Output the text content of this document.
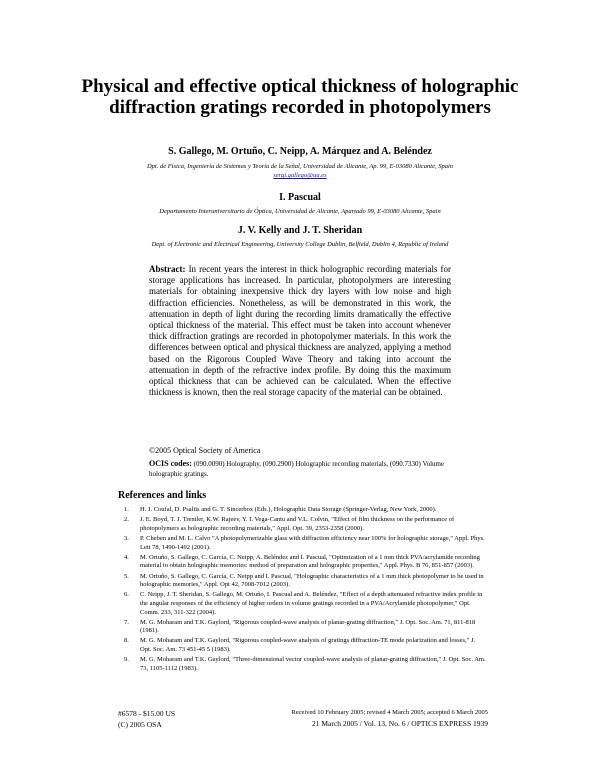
Physical and effective optical thickness of holographic diffraction gratings recorded in photopolymers
S. Gallego, M. Ortuño, C. Neipp, A. Márquez and A. Beléndez
Dpt. de Física, Ingeniería de Sistemas y Teoría de la Señal, Universidad de Alicante, Ap. 99, E-03080 Alicante, Spain
sergi.gallego@ua.es
I. Pascual
Departamento Interuniversitario de Óptica, Universidad de Alicante, Apartado 99, E-03080 Alicante, Spain
J. V. Kelly and J. T. Sheridan
Dept. of Electronic and Electrical Engineering, University College Dublin, Belfield, Dublin 4, Republic of Ireland
Abstract: In recent years the interest in thick holographic recording materials for storage applications has increased. In particular, photopolymers are interesting materials for obtaining inexpensive thick dry layers with low noise and high diffraction efficiencies. Nonetheless, as will be demonstrated in this work, the attenuation in depth of light during the recording limits dramatically the effective optical thickness of the material. This effect must be taken into account whenever thick diffraction gratings are recorded in photopolymer materials. In this work the differences between optical and physical thickness are analyzed, applying a method based on the Rigorous Coupled Wave Theory and taking into account the attenuation in depth of the refractive index profile. By doing this the maximum optical thickness that can be achieved can be calculated. When the effective thickness is known, then the real storage capacity of the material can be obtained.
©2005 Optical Society of America
OCIS codes: (090.0090) Holography, (090.2900) Holographic recording materials, (090.7330) Volume holographic gratings.
References and links
1. H. J. Coufal, D. Psaltis and G. T. Sincerbox (Eds.), Holographic Data Storage (Springer-Verlag, New York, 2000).
2. J. E. Boyd, T. J. Trentler, K.W. Rajeev, Y. I. Vega-Cantu and V.L. Colvin, "Effect of film thickness on the performance of photopolymers as holographic recording materials," Appl. Opt. 39, 2353-2358 (2000).
3. P. Cheben and M. L. Calvo "A photopolymerizable glass with diffraction efficiency near 100% for holographic storage," Appl. Phys. Lett 78, 1490-1492 (2001).
4. M. Ortuño, S. Gallego, C. García, C. Neipp, A. Beléndez and I. Pascual, "Optimization of a 1 mm thick PVA/acrylamide recording material to obtain holographic memories: method of preparation and holographic properties," Appl. Phys. B 76, 851-857 (2003).
5. M. Ortuño, S. Gallego, C. García, C. Neipp and I. Pascual, "Holographic characteristics of a 1 mm thick photopolymer to be used in holographic memories," Appl. Opt 42, 7008-7012 (2003).
6. C. Neipp, J. T. Sheridan, S. Gallego, M. Ortuño, I. Pascual and A. Beléndez, "Effect of a depth attenuated refractive index profile in the angular responses of the efficiency of higher orders in volume gratings recorded in a PVA/Acrylamide photopolymer," Opt. Comm. 233, 311-322 (2004).
7. M. G. Moharam and T.K. Gaylord, "Rigorous coupled-wave analysis of planar-grating diffraction," J. Opt. Soc. Am. 71, 811-818 (1981).
8. M. G. Moharam and T.K. Gaylord, "Rigorous coupled-wave analysis of gratings diffraction-TE mode polarization and losses," J. Opt. Soc. Am. 73 451-45 5 (1983).
9. M. G. Moharam and T.K. Gaylord, "Three-dimensional vector coupled-wave analysis of planar-grating diffraction," J. Opt. Soc. Am. 73, 1105-1112 (1983).
#6578 - $15.00 US
(C) 2005 OSA
Received 10 February 2005; revised 4 March 2005; accepted 6 March 2005
21 March 2005 / Vol. 13, No. 6 / OPTICS EXPRESS 1939
